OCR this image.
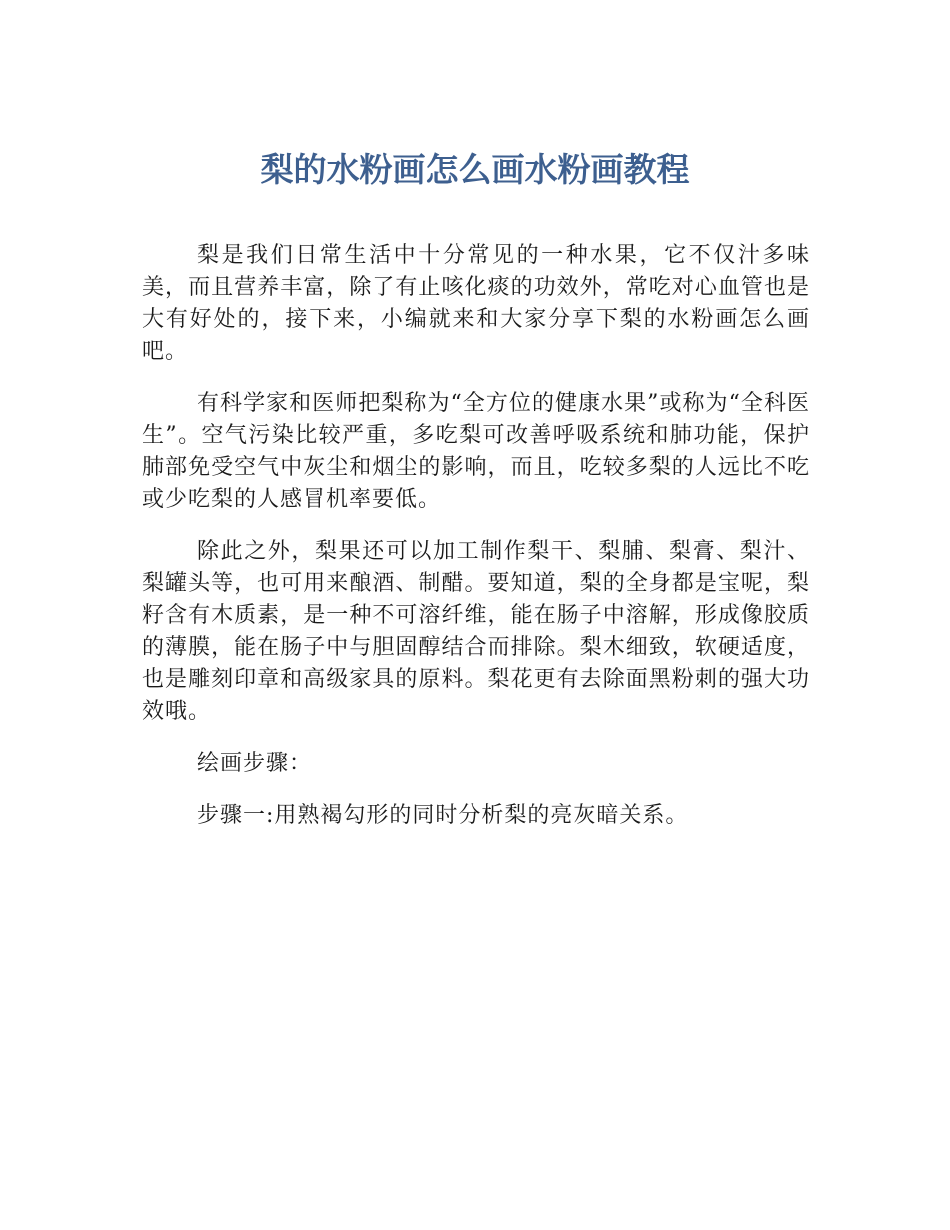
梨的水粉画怎么画水粉画教程

梨是我们日常生活中十分常见的一种水果，它不仅汁多味美，而且营养丰富，除了有止咳化痰的功效外，常吃对心血管也是大有好处的，接下来，小编就来和大家分享下梨的水粉画怎么画吧。

有科学家和医师把梨称为“全方位的健康水果”或称为“全科医生”。空气污染比较严重，多吃梨可改善呼吸系统和肺功能，保护肺部免受空气中灰尘和烟尘的影响，而且，吃较多梨的人远比不吃或少吃梨的人感冒机率要低。

除此之外，梨果还可以加工制作梨干、梨脯、梨膏、梨汁、梨罐头等，也可用来酿酒、制醋。要知道，梨的全身都是宝呢，梨籽含有木质素，是一种不可溶纤维，能在肠子中溶解，形成像胶质的薄膜，能在肠子中与胆固醇结合而排除。梨木细致，软硬适度，也是雕刻印章和高级家具的原料。梨花更有去除面黑粉刺的强大功效哦。

绘画步骤：

步骤一:用熟褐勾形的同时分析梨的亮灰暗关系。
